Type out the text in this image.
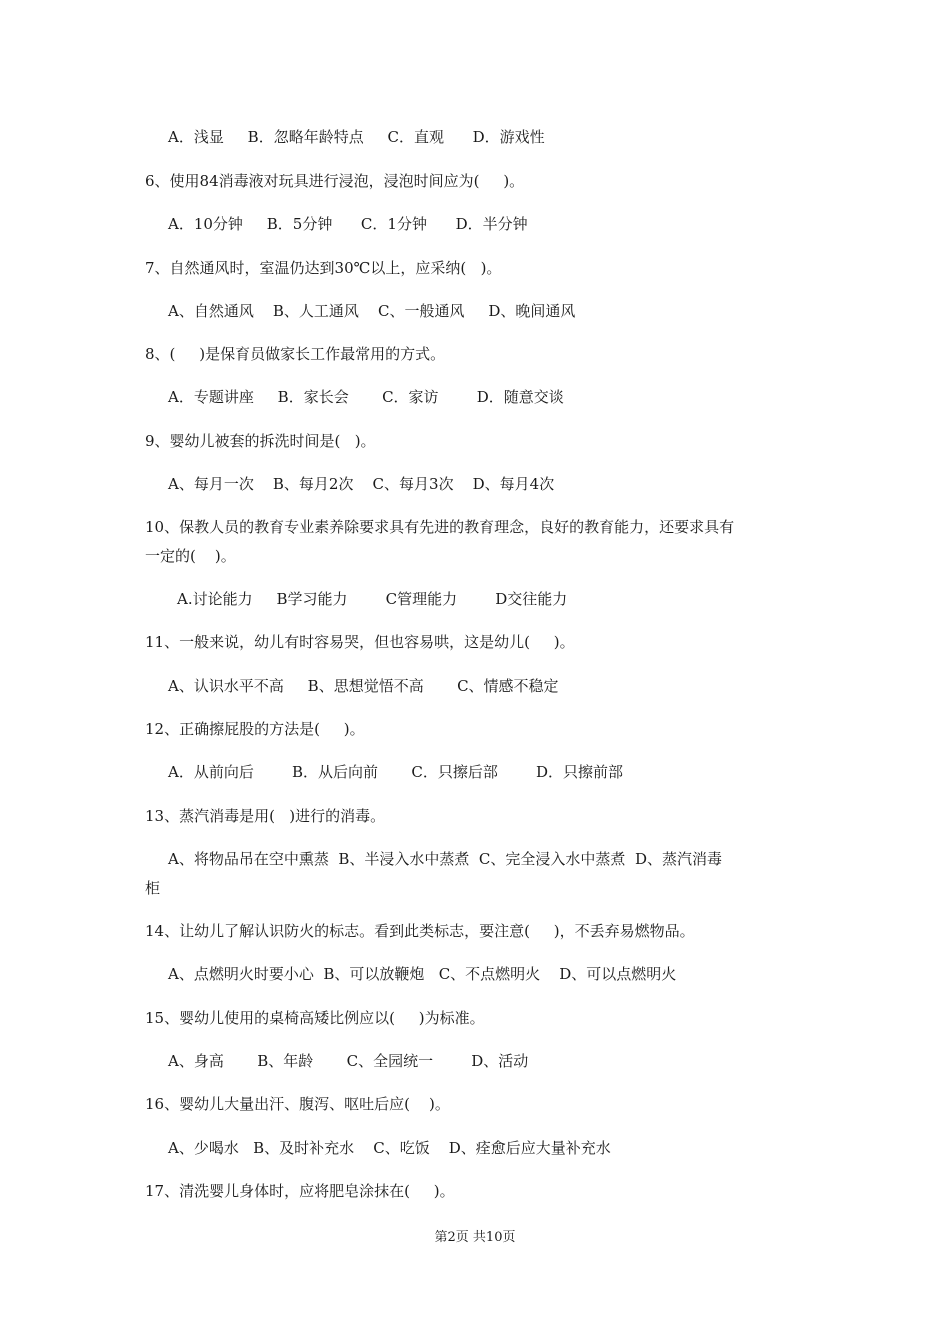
A．浅显     B．忽略年龄特点     C．直观      D．游戏性
6、使用84消毒液对玩具进行浸泡，浸泡时间应为(     )。
A．10分钟     B．5分钟      C．1分钟      D．半分钟
7、自然通风时，室温仍达到30℃以上，应采纳(   )。
A、自然通风    B、人工通风    C、一般通风     D、晚间通风
8、(     )是保育员做家长工作最常用的方式。
A．专题讲座     B．家长会       C．家访        D．随意交谈
9、婴幼儿被套的拆洗时间是(   )。
A、每月一次    B、每月2次    C、每月3次    D、每月4次
10、保教人员的教育专业素养除要求具有先进的教育理念，良好的教育能力，还要求具有
一定的(    )。
A.讨论能力     B学习能力        C管理能力        D交往能力
11、一般来说，幼儿有时容易哭，但也容易哄，这是幼儿(     )。
A、认识水平不高     B、思想觉悟不高       C、情感不稳定
12、正确擦屁股的方法是(     )。
A．从前向后        B．从后向前       C．只擦后部        D．只擦前部
13、蒸汽消毒是用(   )进行的消毒。
A、将物品吊在空中熏蒸  B、半浸入水中蒸煮  C、完全浸入水中蒸煮  D、蒸汽消毒
柜
14、让幼儿了解认识防火的标志。看到此类标志，要注意(     )，不丢弃易燃物品。
A、点燃明火时要小心  B、可以放鞭炮   C、不点燃明火    D、可以点燃明火
15、婴幼儿使用的桌椅高矮比例应以(     )为标准。
A、身高       B、年龄       C、全园统一        D、活动
16、婴幼儿大量出汗、腹泻、呕吐后应(    )。
A、少喝水   B、及时补充水    C、吃饭    D、痊愈后应大量补充水
17、清洗婴儿身体时，应将肥皂涂抹在(     )。
第2页 共10页
